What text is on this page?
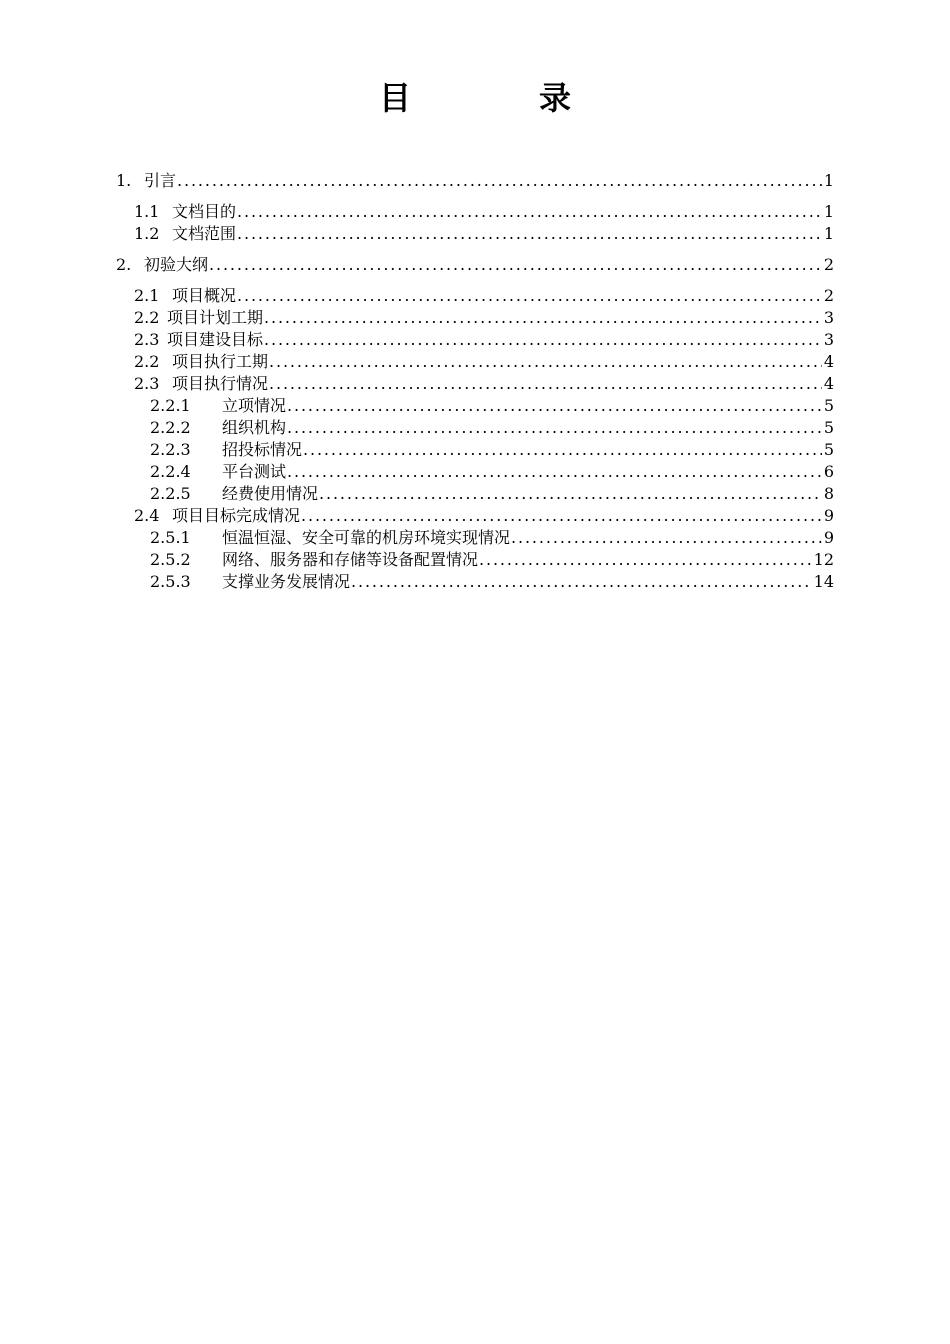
目　录
1. 引言 . . .	1
1.1 文档目的 . . .	1
1.2 文档范围 . . .	1
2. 初验大纲 . . .	2
2.1 项目概况 . . .	2
2.2 项目计划工期 . . .	3
2.3 项目建设目标 . . .	3
2.2 项目执行工期 . . .	4
2.3 项目执行情况 . . .	4
2.2.1	立项情况 . . .	5
2.2.2	组织机构 . . .	5
2.2.3	招投标情况 . . .	5
2.2.4	平台测试 . . .	6
2.2.5	经费使用情况 . . .	8
2.4 项目目标完成情况 . . .	9
2.5.1	恒温恒湿、安全可靠的机房环境实现情况 . . .	9
2.5.2	网络、服务器和存储等设备配置情况 . . .	12
2.5.3	支撑业务发展情况 . . .	14
